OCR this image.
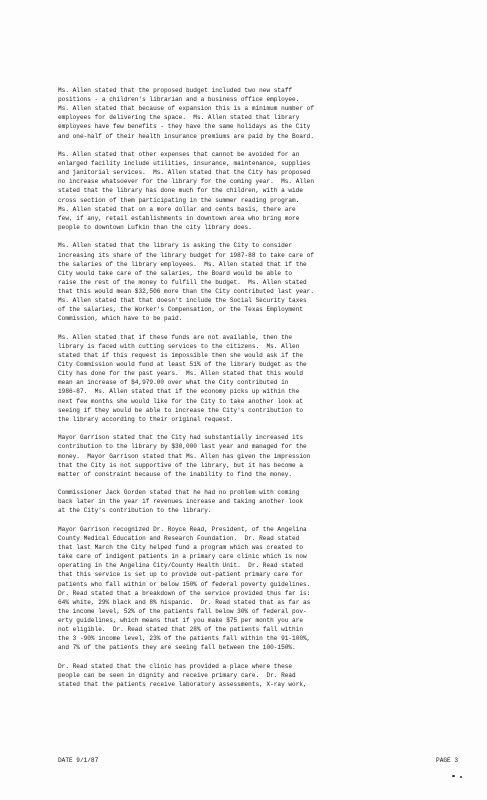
Ms. Allen stated that the proposed budget included two new staff
positions - a children's librarian and a business office employee.
Ms. Allen stated that because of expansion this is a minimum number of
employees for delivering the space.  Ms. Allen stated that library
employees have few benefits - they have the same holidays as the City
and one-half of their health insurance premiums are paid by the Board.
Ms. Allen stated that other expenses that cannot be avoided for an
enlarged facility include utilities, insurance, maintenance, supplies
and janitorial services.  Ms. Allen stated that the City has proposed
no increase whatsoever for the library for the coming year.  Ms. Allen
stated that the library has done much for the children, with a wide
cross section of them participating in the summer reading program.
Ms. Allen stated that on a more dollar and cents basis, there are
few, if any, retail establishments in downtown area who bring more
people to downtown Lufkin than the city library does.
Ms. Allen stated that the library is asking the City to consider
increasing its share of the library budget for 1987-88 to take care of
the salaries of the library employees.  Ms. Allen stated that if the
City would take care of the salaries, the Board would be able to
raise the rest of the money to fulfill the budget.  Ms. Allen stated
that this would mean $32,506 more than the City contributed last year.
Ms. Allen stated that that doesn't include the Social Security taxes
of the salaries, the Worker's Compensation, or the Texas Employment
Commission, which have to be paid.
Ms. Allen stated that if these funds are not available, then the
library is faced with cutting services to the citizens.  Ms. Allen
stated that if this request is impossible then she would ask if the
City Commission would fund at least 51% of the library budget as the
City has done for the past years.  Ms. Allen stated that this would
mean an increase of $4,979.00 over what the City contributed in
1986-87.  Ms. Allen stated that if the economy picks up within the
next few months she would like for the City to take another look at
seeing if they would be able to increase the City's contribution to
the library according to their original request.
Mayor Garrison stated that the City had substantially increased its
contribution to the library by $30,000 last year and managed for the
money.  Mayor Garrison stated that Ms. Allen has given the impression
that the City is not supportive of the library, but it has become a
matter of constraint because of the inability to find the money.
Commissioner Jack Gorden stated that he had no problem with coming
back later in the year if revenues increase and taking another look
at the City's contribution to the library.
Mayor Garrison recognized Dr. Royce Read, President, of the Angelina
County Medical Education and Research Foundation.  Dr. Read stated
that last March the City helped fund a program which was created to
take care of indigent patients in a primary care clinic which is now
operating in the Angelina City/County Health Unit.  Dr. Read stated
that this service is set up to provide out-patient primary care for
patients who fall within or below 150% of federal poverty guidelines.
Dr. Read stated that a breakdown of the service provided thus far is:
64% white, 29% black and 8% hispanic.  Dr. Read stated that as far as
the income level, 52% of the patients fall below 30% of federal pov-
erty guidelines, which means that if you make $75 per month you are
not eligible.  Dr. Read stated that 28% of the patients fall within
the 3 -90% income level, 23% of the patients fall within the 91-100%,
and 7% of the patients they are seeing fall between the 100-150%.
Dr. Read stated that the clinic has provided a place where these
people can be seen in dignity and receive primary care.  Dr. Read
stated that the patients receive laboratory assessments, X-ray work,

DATE 9/1/87

	PAGE 3
